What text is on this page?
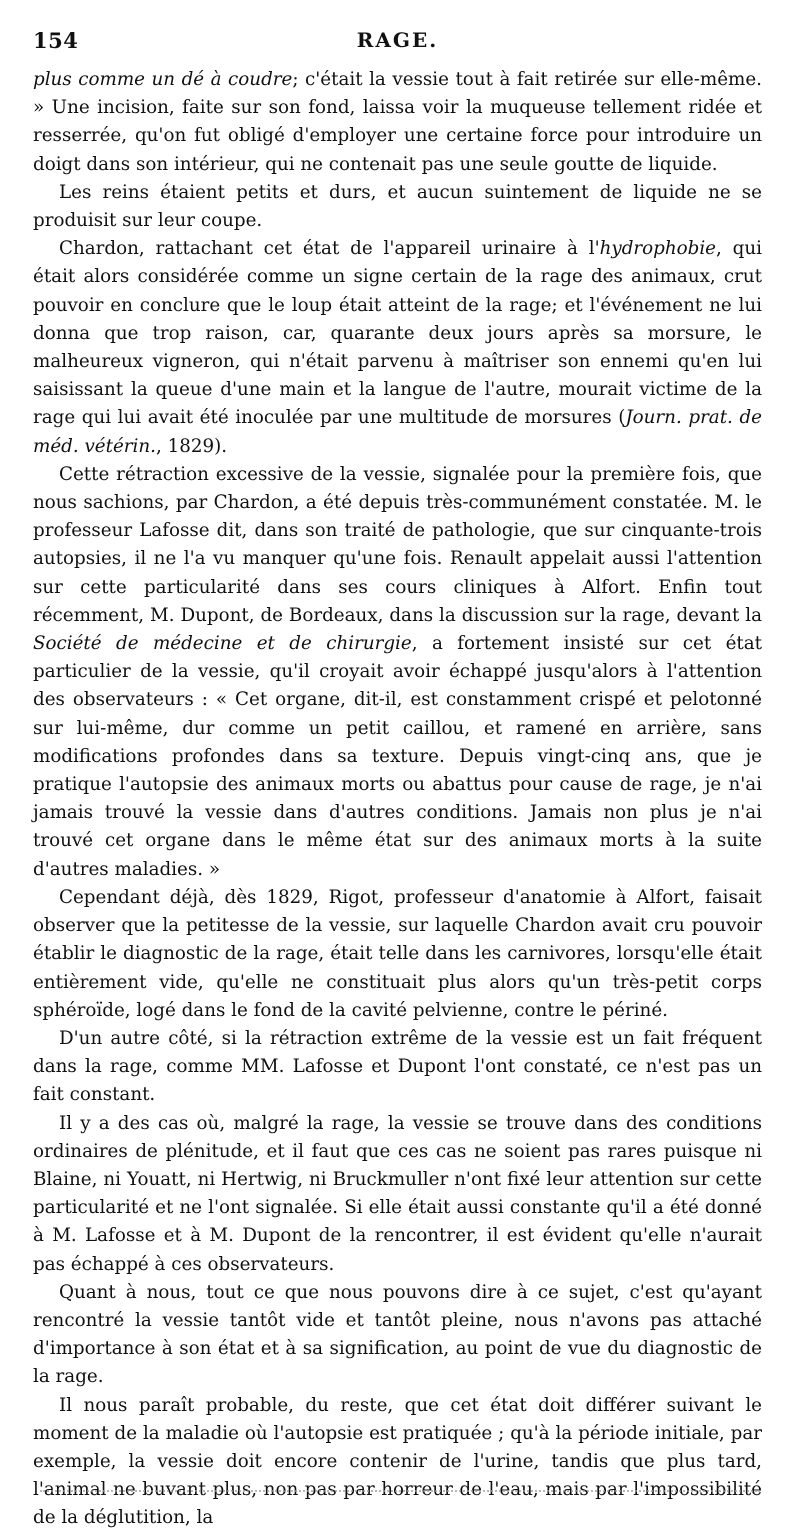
154	RAGE.

plus comme un dé à coudre; c'était la vessie tout à fait retirée sur elle-même. » Une incision, faite sur son fond, laissa voir la muqueuse tellement ridée et resserrée, qu'on fut obligé d'employer une certaine force pour introduire un doigt dans son intérieur, qui ne contenait pas une seule goutte de liquide.

Les reins étaient petits et durs, et aucun suintement de liquide ne se produisit sur leur coupe.

Chardon, rattachant cet état de l'appareil urinaire à l'hydrophobie, qui était alors considérée comme un signe certain de la rage des animaux, crut pouvoir en conclure que le loup était atteint de la rage; et l'événement ne lui donna que trop raison, car, quarante deux jours après sa morsure, le malheureux vigneron, qui n'était parvenu à maîtriser son ennemi qu'en lui saisissant la queue d'une main et la langue de l'autre, mourait victime de la rage qui lui avait été inoculée par une multitude de morsures (Journ. prat. de méd. vétérin., 1829).

Cette rétraction excessive de la vessie, signalée pour la première fois, que nous sachions, par Chardon, a été depuis très-communément constatée. M. le professeur Lafosse dit, dans son traité de pathologie, que sur cinquante-trois autopsies, il ne l'a vu manquer qu'une fois. Renault appelait aussi l'attention sur cette particularité dans ses cours cliniques à Alfort. Enfin tout récemment, M. Dupont, de Bordeaux, dans la discussion sur la rage, devant la Société de médecine et de chirurgie, a fortement insisté sur cet état particulier de la vessie, qu'il croyait avoir échappé jusqu'alors à l'attention des observateurs : « Cet organe, dit-il, est constamment crispé et pelotonné sur lui-même, dur comme un petit caillou, et ramené en arrière, sans modifications profondes dans sa texture. Depuis vingt-cinq ans, que je pratique l'autopsie des animaux morts ou abattus pour cause de rage, je n'ai jamais trouvé la vessie dans d'autres conditions. Jamais non plus je n'ai trouvé cet organe dans le même état sur des animaux morts à la suite d'autres maladies. »

Cependant déjà, dès 1829, Rigot, professeur d'anatomie à Alfort, faisait observer que la petitesse de la vessie, sur laquelle Chardon avait cru pouvoir établir le diagnostic de la rage, était telle dans les carnivores, lorsqu'elle était entièrement vide, qu'elle ne constituait plus alors qu'un très-petit corps sphéroïde, logé dans le fond de la cavité pelvienne, contre le périné.

D'un autre côté, si la rétraction extrême de la vessie est un fait fréquent dans la rage, comme MM. Lafosse et Dupont l'ont constaté, ce n'est pas un fait constant.

Il y a des cas où, malgré la rage, la vessie se trouve dans des conditions ordinaires de plénitude, et il faut que ces cas ne soient pas rares puisque ni Blaine, ni Youatt, ni Hertwig, ni Bruckmuller n'ont fixé leur attention sur cette particularité et ne l'ont signalée. Si elle était aussi constante qu'il a été donné à M. Lafosse et à M. Dupont de la rencontrer, il est évident qu'elle n'aurait pas échappé à ces observateurs.

Quant à nous, tout ce que nous pouvons dire à ce sujet, c'est qu'ayant rencontré la vessie tantôt vide et tantôt pleine, nous n'avons pas attaché d'importance à son état et à sa signification, au point de vue du diagnostic de la rage.

Il nous paraît probable, du reste, que cet état doit différer suivant le moment de la maladie où l'autopsie est pratiquée ; qu'à la période initiale, par exemple, la vessie doit encore contenir de l'urine, tandis que plus tard, l'animal ne buvant plus, non pas par horreur de l'eau, mais par l'impossibilité de la déglutition, la
